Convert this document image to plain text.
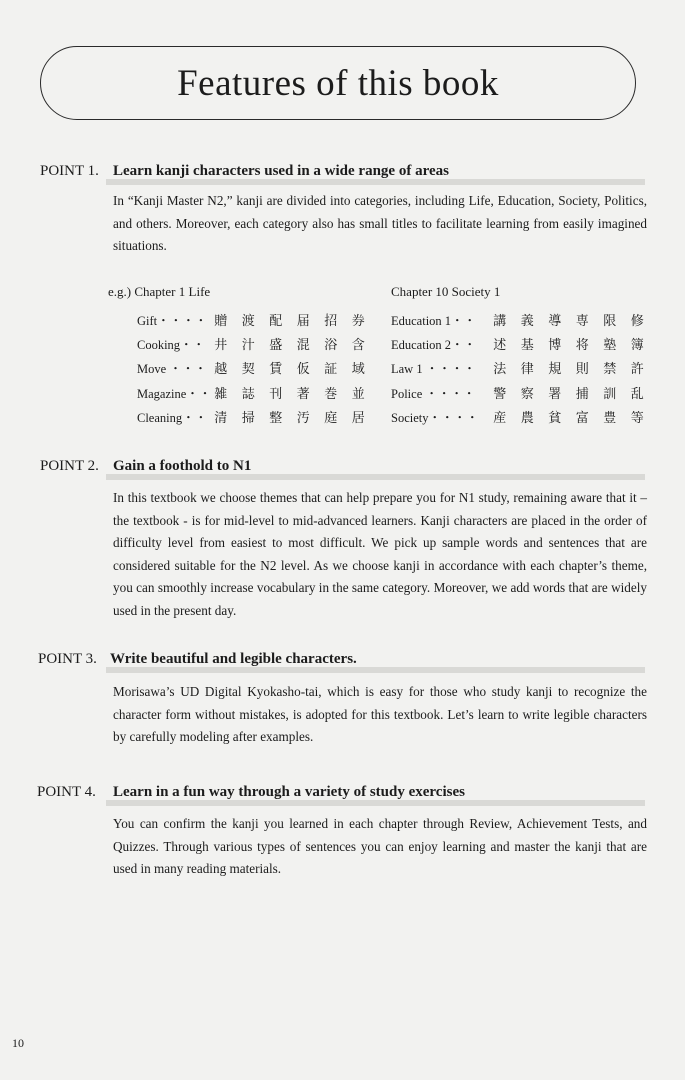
Features of this book
POINT 1. Learn kanji characters used in a wide range of areas

In “Kanji Master N2,” kanji are divided into categories, including Life, Education, Society, Politics, and others. Moreover, each category also has small titles to facilitate learning from easily imagined situations.

e.g.) Chapter 1 Life	Chapter 10 Society 1
Gift・・・・ 贈	渡	配	届	招	券
Cooking・・ 井	汁	盛	混	浴	含
Move ・・・ 越	契	賃	仮	証	域
Magazine・・ 雑	誌	刊	著	巻	並
Cleaning・・ 清	掃	整	汚	庭	居
Education 1・・	講	義	導	専	限	修
Education 2・・	述	基	博	将	塾	簿
Law 1 ・・・・	法	律	規	則	禁	許
Police ・・・・	警	察	署	捕	訓	乱
Society・・・・	産	農	貧	富	豊	等
POINT 2. Gain a foothold to N1

In this textbook we choose themes that can help prepare you for N1 study, remaining aware that it – the textbook - is for mid-level to mid-advanced learners. Kanji characters are placed in the order of difficulty level from easiest to most difficult. We pick up sample words and sentences that are considered suitable for the N2 level. As we choose kanji in accordance with each chapter’s theme, you can smoothly increase vocabulary in the same category. Moreover, we add words that are widely used in the present day.

POINT 3. Write beautiful and legible characters.

Morisawa’s UD Digital Kyokasho-tai, which is easy for those who study kanji to recognize the character form without mistakes, is adopted for this textbook. Let’s learn to write legible characters by carefully modeling after examples.

POINT 4. Learn in a fun way through a variety of study exercises

You can confirm the kanji you learned in each chapter through Review, Achievement Tests, and Quizzes. Through various types of sentences you can enjoy learning and master the kanji that are used in many reading materials.

10
